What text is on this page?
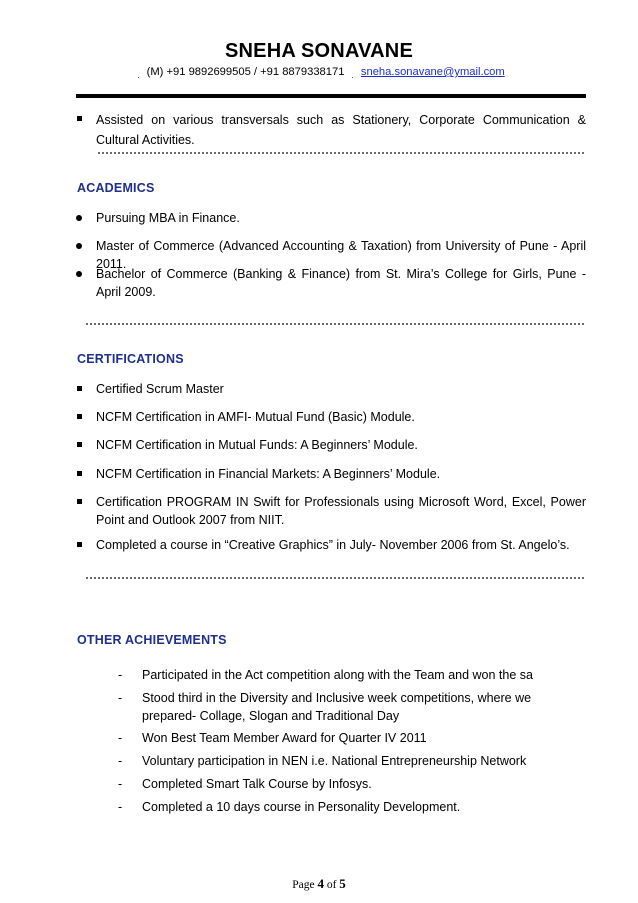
SNEHA SONAVANE
$_.$ (M) +91 9892699505 / +91 8879338171 $_.$ sneha.sonavane@ymail.com
Assisted on various transversals such as Stationery, Corporate Communication & Cultural Activities.
ACADEMICS
Pursuing MBA in Finance.
Master of Commerce (Advanced Accounting & Taxation) from University of Pune - April 2011.
Bachelor of Commerce (Banking & Finance) from St. Mira’s College for Girls, Pune - April 2009.
CERTIFICATIONS
Certified Scrum Master
NCFM Certification in AMFI- Mutual Fund (Basic) Module.
NCFM Certification in Mutual Funds: A Beginners’ Module.
NCFM Certification in Financial Markets: A Beginners’ Module.
Certification PROGRAM IN Swift for Professionals using Microsoft Word, Excel, Power Point and Outlook 2007 from NIIT.
Completed a course in “Creative Graphics” in July- November 2006 from St. Angelo’s.
OTHER ACHIEVEMENTS
- Participated in the Act competition along with the Team and won the sa
- Stood third in the Diversity and Inclusive week competitions, where we prepared- Collage, Slogan and Traditional Day
- Won Best Team Member Award for Quarter IV 2011
- Voluntary participation in NEN i.e. National Entrepreneurship Network
- Completed Smart Talk Course by Infosys.
- Completed a 10 days course in Personality Development.
Page 4 of 5
